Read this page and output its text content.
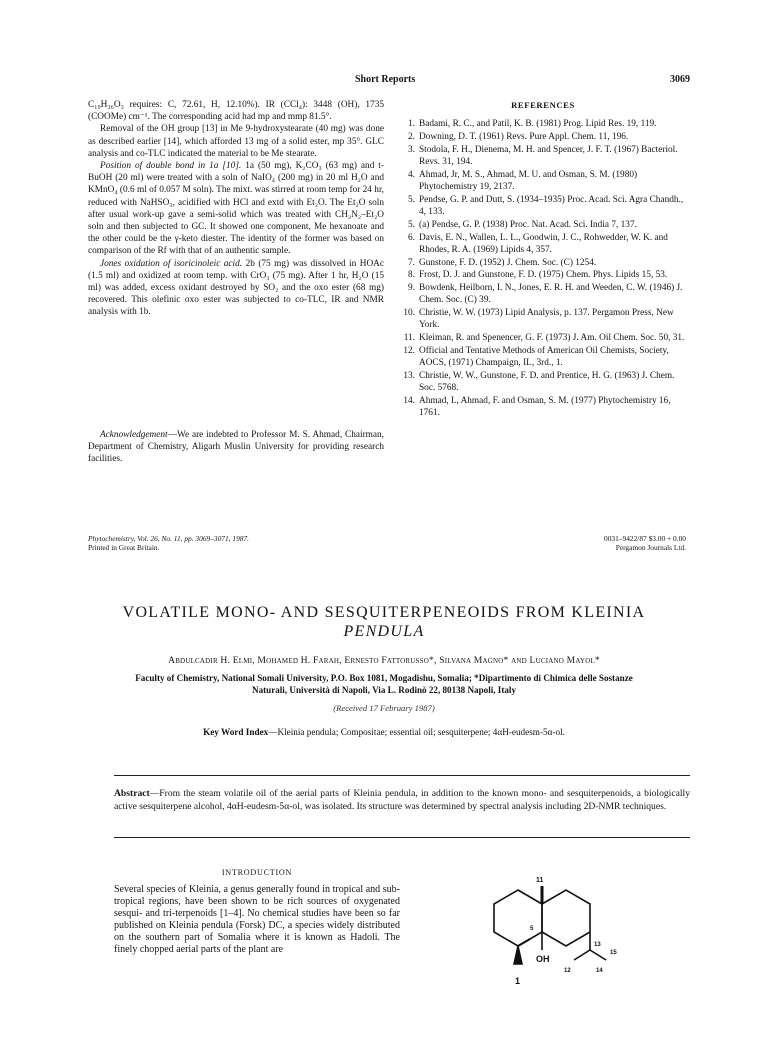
Short Reports	3069

C₁₉H₃₆O₃ requires: C, 72.61, H, 12.10%). IR (CCl₄): 3448 (OH), 1735 (COOMe) cm⁻¹. The corresponding acid had mp and mmp 81.5°.

Removal of the OH group [13] in Me 9-hydroxystearate (40 mg) was done as described earlier [14], which afforded 13 mg of a solid ester, mp 35°. GLC analysis and co-TLC indicated the material to be Me stearate.

Position of double bond in 1a [10]. 1a (50 mg), K₂CO₃ (63 mg) and t-BuOH (20 ml) were treated with a soln of NaIO₄ (200 mg) in 20 ml H₂O and KMnO₄ (0.6 ml of 0.057 M soln). The mixt. was stirred at room temp for 24 hr, reduced with NaHSO₃, acidified with HCl and extd with Et₂O. The Et₂O soln after usual work-up gave a semi-solid which was treated with CH₂N₂–Et₂O soln and then subjected to GC. It showed one component, Me hexanoate and the other could be the γ-keto diester. The identity of the former was based on comparison of the Rf with that of an authentic sample.

Jones oxidation of isoricinoleic acid. 2b (75 mg) was dissolved in HOAc (1.5 ml) and oxidized at room temp. with CrO₃ (75 mg). After 1 hr, H₂O (15 ml) was added, excess oxidant destroyed by SO₂ and the oxo ester (68 mg) recovered. This olefinic oxo ester was subjected to co-TLC, IR and NMR analysis with 1b.

Acknowledgement—We are indebted to Professor M. S. Ahmad, Chairman, Department of Chemistry, Aligarh Muslin University for providing research facilities.

REFERENCES
1. Badami, R. C., and Patil, K. B. (1981) Prog. Lipid Res. 19, 119.
2. Downing, D. T. (1961) Revs. Pure Appl. Chem. 11, 196.
3. Stodola, F. H., Dienema, M. H. and Spencer, J. F. T. (1967) Bacteriol. Revs. 31, 194.
4. Ahmad, Jr, M. S., Ahmad, M. U. and Osman, S. M. (1980) Phytochemistry 19, 2137.
5. Pendse, G. P. and Dutt, S. (1934–1935) Proc. Acad. Sci. Agra Chandh., 4, 133.
5. (a) Pendse, G. P. (1938) Proc. Nat. Acad. Sci. India 7, 137.
6. Davis, E. N., Wallen, L. L., Goodwin, J. C., Rohwedder, W. K. and Rhodes, R. A. (1969) Lipids 4, 357.
7. Gunstone, F. D. (1952) J. Chem. Soc. (C) 1254.
8. Frost, D. J. and Gunstone, F. D. (1975) Chem. Phys. Lipids 15, 53.
9. Bowdenk, Heilborn, I. N., Jones, E. R. H. and Weeden, C. W. (1946) J. Chem. Soc. (C) 39.
10. Christie, W. W. (1973) Lipid Analysis, p. 137. Pergamon Press, New York.
11. Kleiman, R. and Spenencer, G. F. (1973) J. Am. Oil Chem. Soc. 50, 31.
12. Official and Tentative Methods of American Oil Chemists, Society, AOCS, (1971) Champaign, IL, 3rd., 1.
13. Christie, W. W., Gunstone, F. D. and Prentice, H. G. (1963) J. Chem. Soc. 5768.
14. Ahmad, I., Ahmad, F. and Osman, S. M. (1977) Phytochemistry 16, 1761.
Phytochemistry, Vol. 26, No. 11, pp. 3069–3071, 1987.
Printed in Great Britain.
0031–9422/87 $3.00 + 0.00
Pergamon Journals Ltd.
VOLATILE MONO- AND SESQUITERPENEOIDS FROM KLEINIA
PENDULA
Abdulcadir H. Elmi, Mohamed H. Farah, Ernesto Fattorusso*, Silvana Magno* and Luciano Mayol*
Faculty of Chemistry, National Somali University, P.O. Box 1081, Mogadishu, Somalia; *Dipartimento di Chimica delle Sostanze
Naturali, Università di Napoli, Via L. Rodinò 22, 80138 Napoli, Italy
(Received 17 February 1987)
Key Word Index—Kleinia pendula; Compositae; essential oil; sesquiterpene; 4αH-eudesm-5α-ol.
Abstract—From the steam volatile oil of the aerial parts of Kleinia pendula, in addition to the known mono- and sesquiterpenoids, a biologically active sesquiterpene alcohol, 4αH-eudesm-5α-ol, was isolated. Its structure was determined by spectral analysis including 2D-NMR techniques.
INTRODUCTION
Several species of Kleinia, a genus generally found in tropical and sub-tropical regions, have been shown to be rich sources of oxygenated sesqui- and tri-terpenoids [1–4]. No chemical studies have been so far published on Kleinia pendula (Forsk) DC, a species widely distributed on the southern part of Somalia where it is known as Hadoli. The finely chopped aerial parts of the plant are
11
5
OH
13
15
12	14
1
